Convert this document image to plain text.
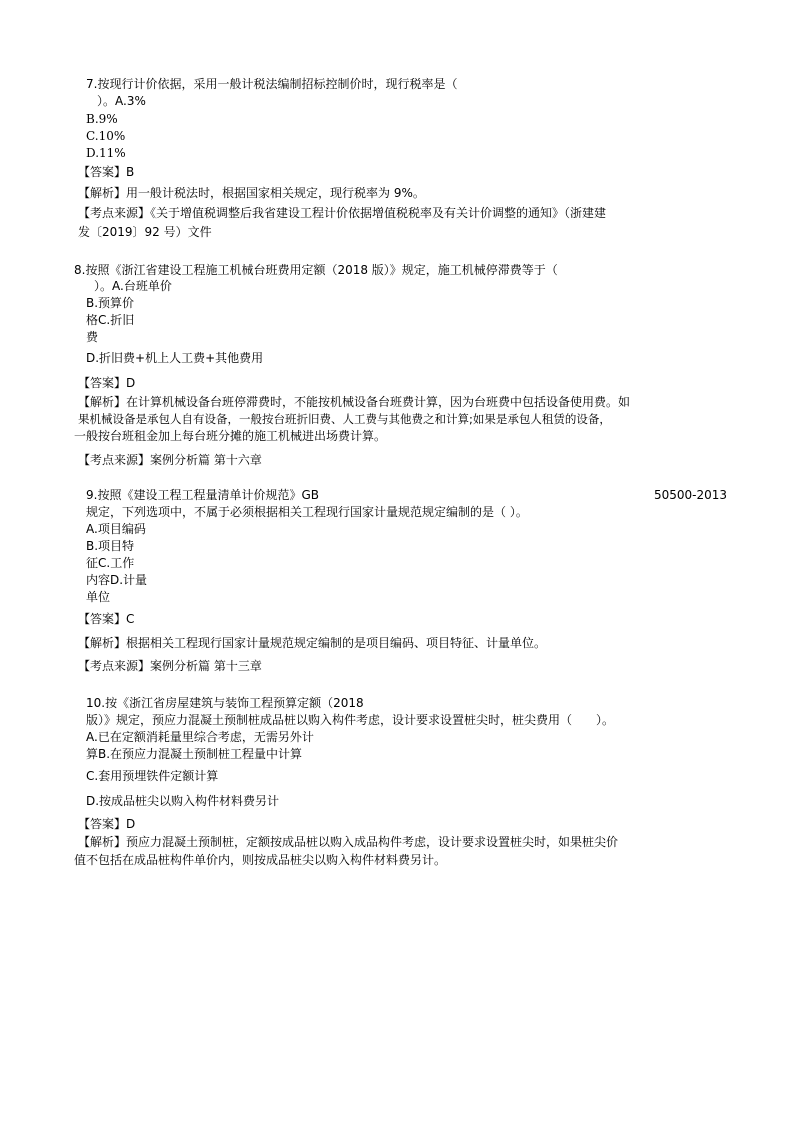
7.按现行计价依据，采用一般计税法编制招标控制价时，现行税率是（
）。A.3%
B.9%
C.10%
D.11%
【答案】B
【解析】用一般计税法时，根据国家相关规定，现行税率为 9%。
【考点来源】《关于增值税调整后我省建设工程计价依据增值税税率及有关计价调整的通知》（浙建建
发〔2019〕92 号）文件
8.按照《浙江省建设工程施工机械台班费用定额（2018 版）》规定，施工机械停滞费等于（
）。A.台班单价
B.预算价
格C.折旧
费
D.折旧费+机上人工费+其他费用
【答案】D
【解析】在计算机械设备台班停滞费时，不能按机械设备台班费计算，因为台班费中包括设备使用费。如
果机械设备是承包人自有设备，一般按台班折旧费、人工费与其他费之和计算;如果是承包人租赁的设备，
一般按台班租金加上每台班分摊的施工机械进出场费计算。
【考点来源】案例分析篇 第十六章
9.按照《建设工程工程量清单计价规范》GB	50500-2013
规定，下列选项中，不属于必须根据相关工程现行国家计量规范规定编制的是（ ）。
A.项目编码
B.项目特
征C.工作
内容D.计量
单位
【答案】C
【解析】根据相关工程现行国家计量规范规定编制的是项目编码、项目特征、计量单位。
【考点来源】案例分析篇 第十三章
10.按《浙江省房屋建筑与装饰工程预算定额（2018
版）》规定，预应力混凝土预制桩成品桩以购入构件考虑，设计要求设置桩尖时，桩尖费用（　　）。
A.已在定额消耗量里综合考虑，无需另外计
算B.在预应力混凝土预制桩工程量中计算
C.套用预埋铁件定额计算
D.按成品桩尖以购入构件材料费另计
【答案】D
【解析】预应力混凝土预制桩，定额按成品桩以购入成品构件考虑，设计要求设置桩尖时，如果桩尖价
值不包括在成品桩构件单价内，则按成品桩尖以购入构件材料费另计。
